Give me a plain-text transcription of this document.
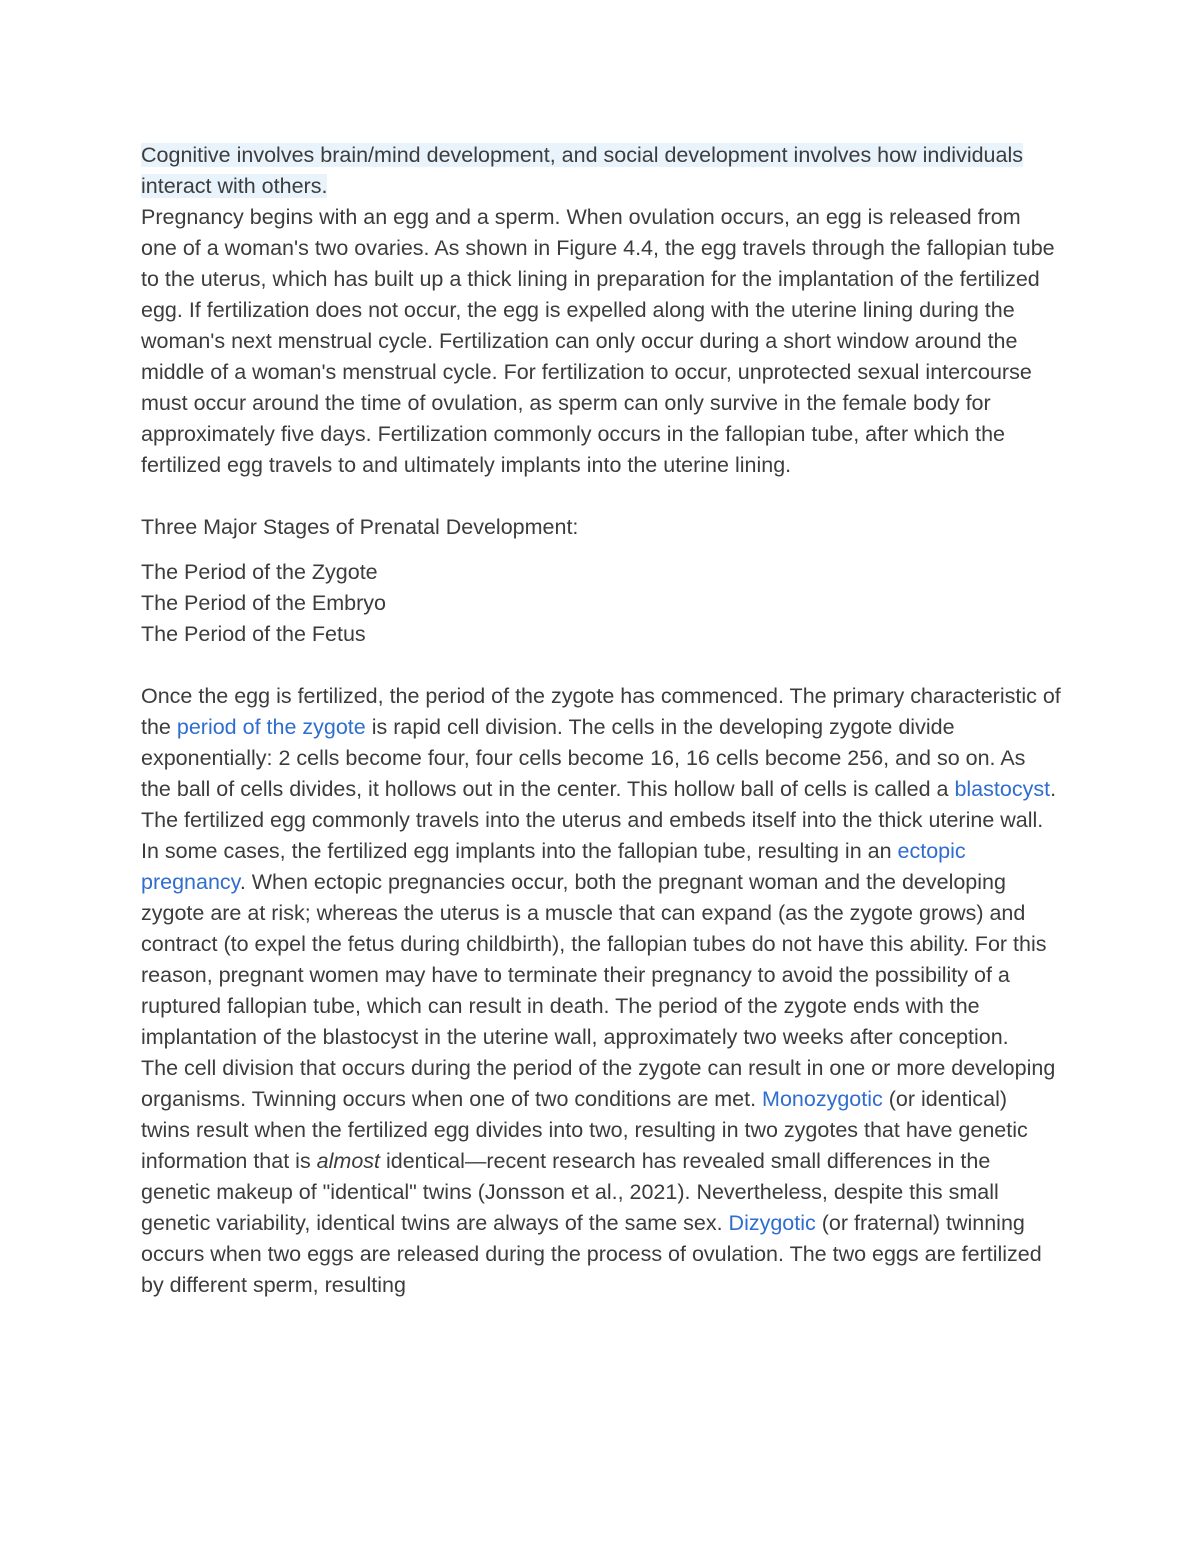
Cognitive involves brain/mind development, and social development involves how individuals interact with others.

Pregnancy begins with an egg and a sperm. When ovulation occurs, an egg is released from one of a woman's two ovaries. As shown in Figure 4.4, the egg travels through the fallopian tube to the uterus, which has built up a thick lining in preparation for the implantation of the fertilized egg. If fertilization does not occur, the egg is expelled along with the uterine lining during the woman's next menstrual cycle. Fertilization can only occur during a short window around the middle of a woman's menstrual cycle. For fertilization to occur, unprotected sexual intercourse must occur around the time of ovulation, as sperm can only survive in the female body for approximately five days. Fertilization commonly occurs in the fallopian tube, after which the fertilized egg travels to and ultimately implants into the uterine lining.

Three Major Stages of Prenatal Development:

The Period of the Zygote
The Period of the Embryo
The Period of the Fetus

Once the egg is fertilized, the period of the zygote has commenced. The primary characteristic of the period of the zygote is rapid cell division. The cells in the developing zygote divide exponentially: 2 cells become four, four cells become 16, 16 cells become 256, and so on. As the ball of cells divides, it hollows out in the center. This hollow ball of cells is called a blastocyst. The fertilized egg commonly travels into the uterus and embeds itself into the thick uterine wall. In some cases, the fertilized egg implants into the fallopian tube, resulting in an ectopic pregnancy. When ectopic pregnancies occur, both the pregnant woman and the developing zygote are at risk; whereas the uterus is a muscle that can expand (as the zygote grows) and contract (to expel the fetus during childbirth), the fallopian tubes do not have this ability. For this reason, pregnant women may have to terminate their pregnancy to avoid the possibility of a ruptured fallopian tube, which can result in death. The period of the zygote ends with the implantation of the blastocyst in the uterine wall, approximately two weeks after conception.

The cell division that occurs during the period of the zygote can result in one or more developing organisms. Twinning occurs when one of two conditions are met. Monozygotic (or identical) twins result when the fertilized egg divides into two, resulting in two zygotes that have genetic information that is almost identical—recent research has revealed small differences in the genetic makeup of "identical" twins (Jonsson et al., 2021). Nevertheless, despite this small genetic variability, identical twins are always of the same sex. Dizygotic (or fraternal) twinning occurs when two eggs are released during the process of ovulation. The two eggs are fertilized by different sperm, resulting
